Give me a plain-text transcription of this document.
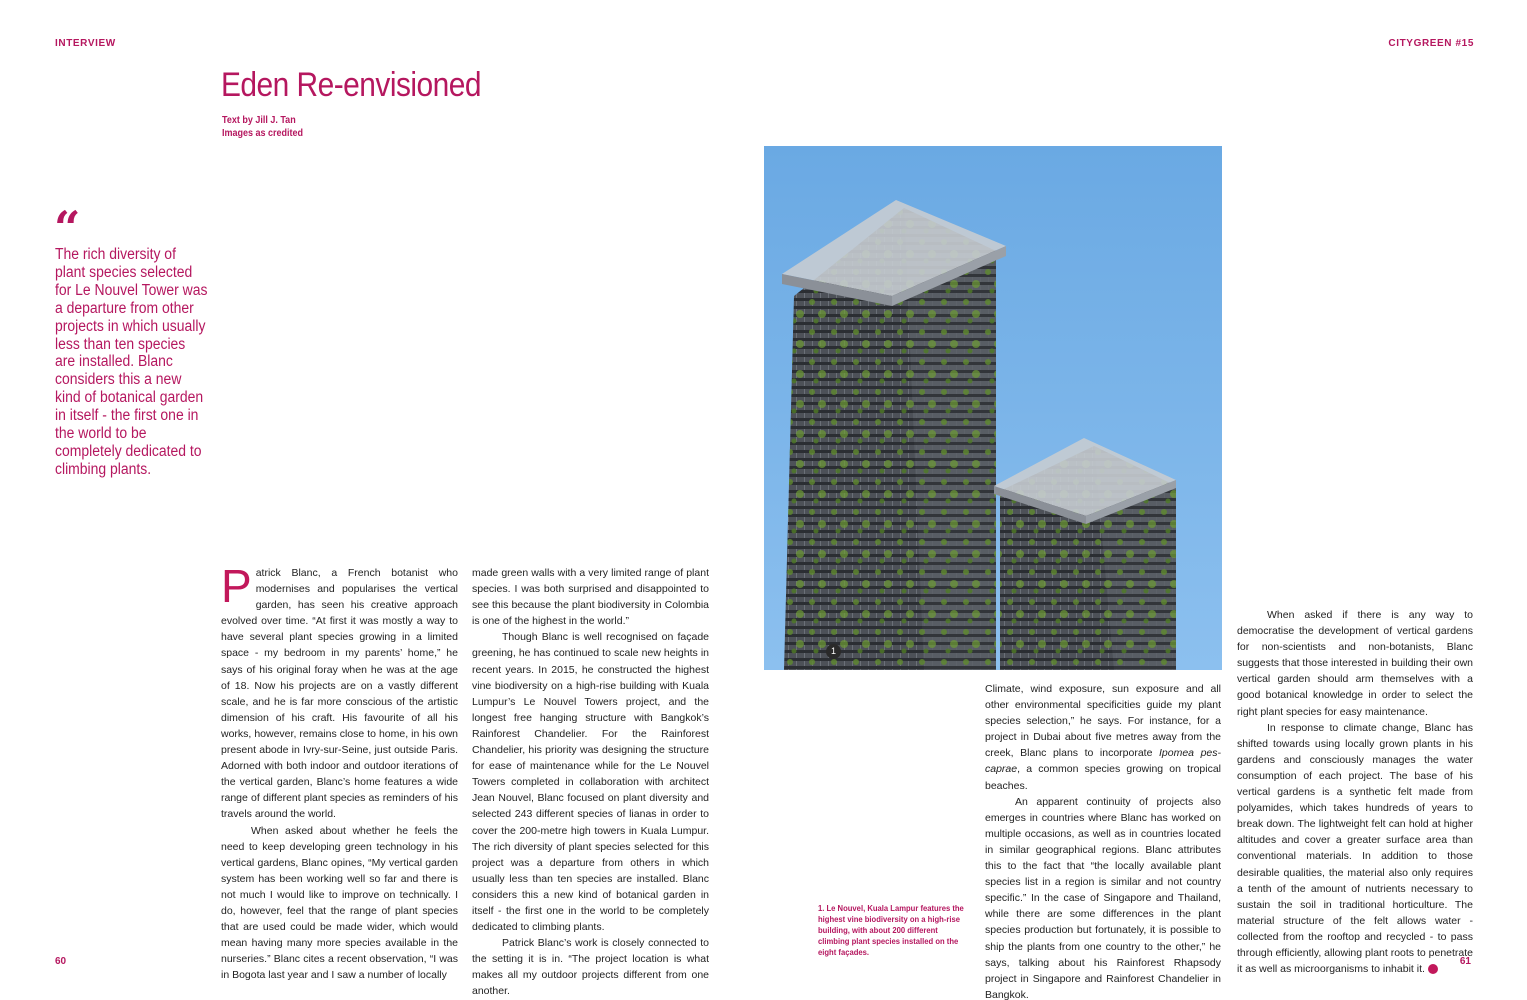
INTERVIEW	CITYGREEN #15
Eden Re-envisioned
Text by Jill J. Tan
Images as credited
“
The rich diversity of plant species selected for Le Nouvel Tower was a departure from other projects in which usually less than ten species are installed. Blanc considers this a new kind of botanical garden in itself - the first one in the world to be completely dedicated to climbing plants.

Patrick Blanc, a French botanist who modernises and popularises the vertical garden, has seen his creative approach evolved over time. “At first it was mostly a way to have several plant species growing in a limited space - my bedroom in my parents’ home,” he says of his original foray when he was at the age of 18. Now his projects are on a vastly different scale, and he is far more conscious of the artistic dimension of his craft. His favourite of all his works, however, remains close to home, in his own present abode in Ivry-sur-Seine, just outside Paris. Adorned with both indoor and outdoor iterations of the vertical garden, Blanc’s home features a wide range of different plant species as reminders of his travels around the world.

When asked about whether he feels the need to keep developing green technology in his vertical gardens, Blanc opines, “My vertical garden system has been working well so far and there is not much I would like to improve on technically. I do, however, feel that the range of plant species that are used could be made wider, which would mean having many more species available in the nurseries.” Blanc cites a recent observation, “I was in Bogota last year and I saw a number of locally

made green walls with a very limited range of plant species. I was both surprised and disappointed to see this because the plant biodiversity in Colombia is one of the highest in the world.”

Though Blanc is well recognised on façade greening, he has continued to scale new heights in recent years. In 2015, he constructed the highest vine biodiversity on a high-rise building with Kuala Lumpur’s Le Nouvel Towers project, and the longest free hanging structure with Bangkok’s Rainforest Chandelier. For the Rainforest Chandelier, his priority was designing the structure for ease of maintenance while for the Le Nouvel Towers completed in collaboration with architect Jean Nouvel, Blanc focused on plant diversity and selected 243 different species of lianas in order to cover the 200-metre high towers in Kuala Lumpur. The rich diversity of plant species selected for this project was a departure from others in which usually less than ten species are installed. Blanc considers this a new kind of botanical garden in itself - the first one in the world to be completely dedicated to climbing plants.

Patrick Blanc’s work is closely connected to the setting it is in. “The project location is what makes all my outdoor projects different from one another.

1
1. Le Nouvel, Kuala Lampur features the highest vine biodiversity on a high-rise building, with about 200 different climbing plant species installed on the eight façades.

Climate, wind exposure, sun exposure and all other environmental specificities guide my plant species selection,” he says. For instance, for a project in Dubai about five metres away from the creek, Blanc plans to incorporate Ipomea pes-caprae, a common species growing on tropical beaches.

An apparent continuity of projects also emerges in countries where Blanc has worked on multiple occasions, as well as in countries located in similar geographical regions. Blanc attributes this to the fact that “the locally available plant species list in a region is similar and not country specific.” In the case of Singapore and Thailand, while there are some differences in the plant species production but fortunately, it is possible to ship the plants from one country to the other,” he says, talking about his Rainforest Rhapsody project in Singapore and Rainforest Chandelier in Bangkok.

When asked if there is any way to democratise the development of vertical gardens for non-scientists and non-botanists, Blanc suggests that those interested in building their own vertical garden should arm themselves with a good botanical knowledge in order to select the right plant species for easy maintenance.

In response to climate change, Blanc has shifted towards using locally grown plants in his gardens and consciously manages the water consumption of each project. The base of his vertical gardens is a synthetic felt made from polyamides, which takes hundreds of years to break down. The lightweight felt can hold at higher altitudes and cover a greater surface area than conventional materials. In addition to those desirable qualities, the material also only requires a tenth of the amount of nutrients necessary to sustain the soil in traditional horticulture. The material structure of the felt allows water - collected from the rooftop and recycled - to pass through efficiently, allowing plant roots to penetrate it as well as microorganisms to inhabit it.

60	61
